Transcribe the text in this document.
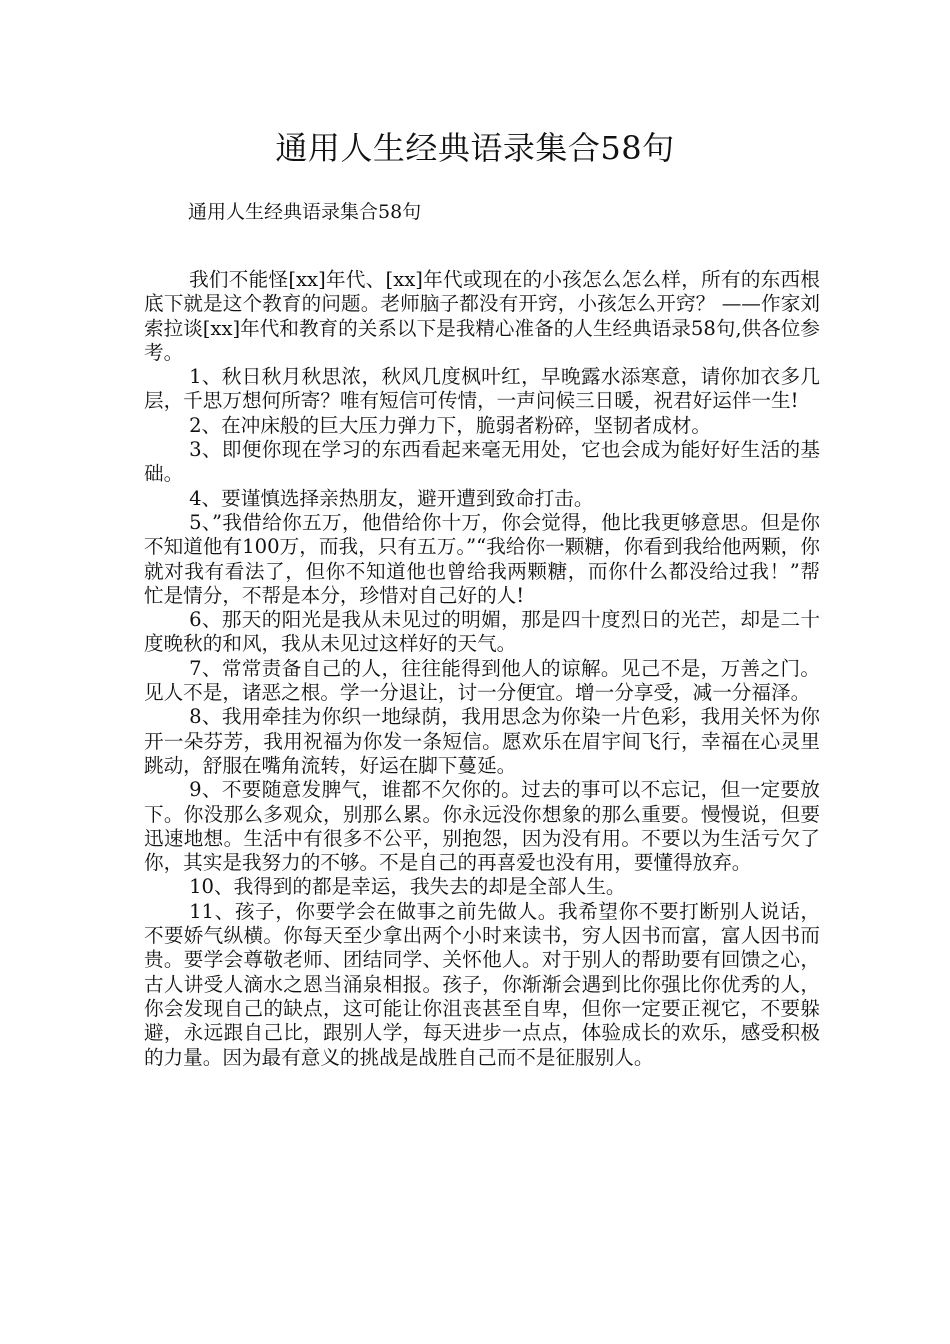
通用人生经典语录集合58句
通用人生经典语录集合58句

我们不能怪[xx]年代、[xx]年代或现在的小孩怎么怎么样，所有的东西根底下就是这个教育的问题。老师脑子都没有开窍，小孩怎么开窍？ ——作家刘索拉谈[xx]年代和教育的关系以下是我精心准备的人生经典语录58句,供各位参考。

1、秋日秋月秋思浓，秋风几度枫叶红，早晚露水添寒意，请你加衣多几层，千思万想何所寄？唯有短信可传情，一声问候三日暖，祝君好运伴一生!

2、在冲床般的巨大压力弹力下，脆弱者粉碎，坚韧者成材。

3、即便你现在学习的东西看起来毫无用处，它也会成为能好好生活的基础。

4、要谨慎选择亲热朋友，避开遭到致命打击。

5、”我借给你五万，他借给你十万，你会觉得，他比我更够意思。但是你不知道他有100万，而我，只有五万。”“我给你一颗糖，你看到我给他两颗，你就对我有看法了，但你不知道他也曾给我两颗糖，而你什么都没给过我！”帮忙是情分，不帮是本分，珍惜对自己好的人!

6、那天的阳光是我从未见过的明媚，那是四十度烈日的光芒，却是二十度晚秋的和风，我从未见过这样好的天气。

7、常常责备自己的人，往往能得到他人的谅解。见己不是，万善之门。见人不是，诸恶之根。学一分退让，讨一分便宜。增一分享受，减一分福泽。

8、我用牵挂为你织一地绿荫，我用思念为你染一片色彩，我用关怀为你开一朵芬芳，我用祝福为你发一条短信。愿欢乐在眉宇间飞行，幸福在心灵里跳动，舒服在嘴角流转，好运在脚下蔓延。

9、不要随意发脾气，谁都不欠你的。过去的事可以不忘记，但一定要放下。你没那么多观众，别那么累。你永远没你想象的那么重要。慢慢说，但要迅速地想。生活中有很多不公平，别抱怨，因为没有用。不要以为生活亏欠了你，其实是我努力的不够。不是自己的再喜爱也没有用，要懂得放弃。

10、我得到的都是幸运，我失去的却是全部人生。

11、孩子，你要学会在做事之前先做人。我希望你不要打断别人说话，不要娇气纵横。你每天至少拿出两个小时来读书，穷人因书而富，富人因书而贵。要学会尊敬老师、团结同学、关怀他人。对于别人的帮助要有回馈之心，古人讲受人滴水之恩当涌泉相报。孩子，你渐渐会遇到比你强比你优秀的人，你会发现自己的缺点，这可能让你沮丧甚至自卑，但你一定要正视它，不要躲避，永远跟自己比，跟别人学，每天进步一点点，体验成长的欢乐，感受积极的力量。因为最有意义的挑战是战胜自己而不是征服别人。
